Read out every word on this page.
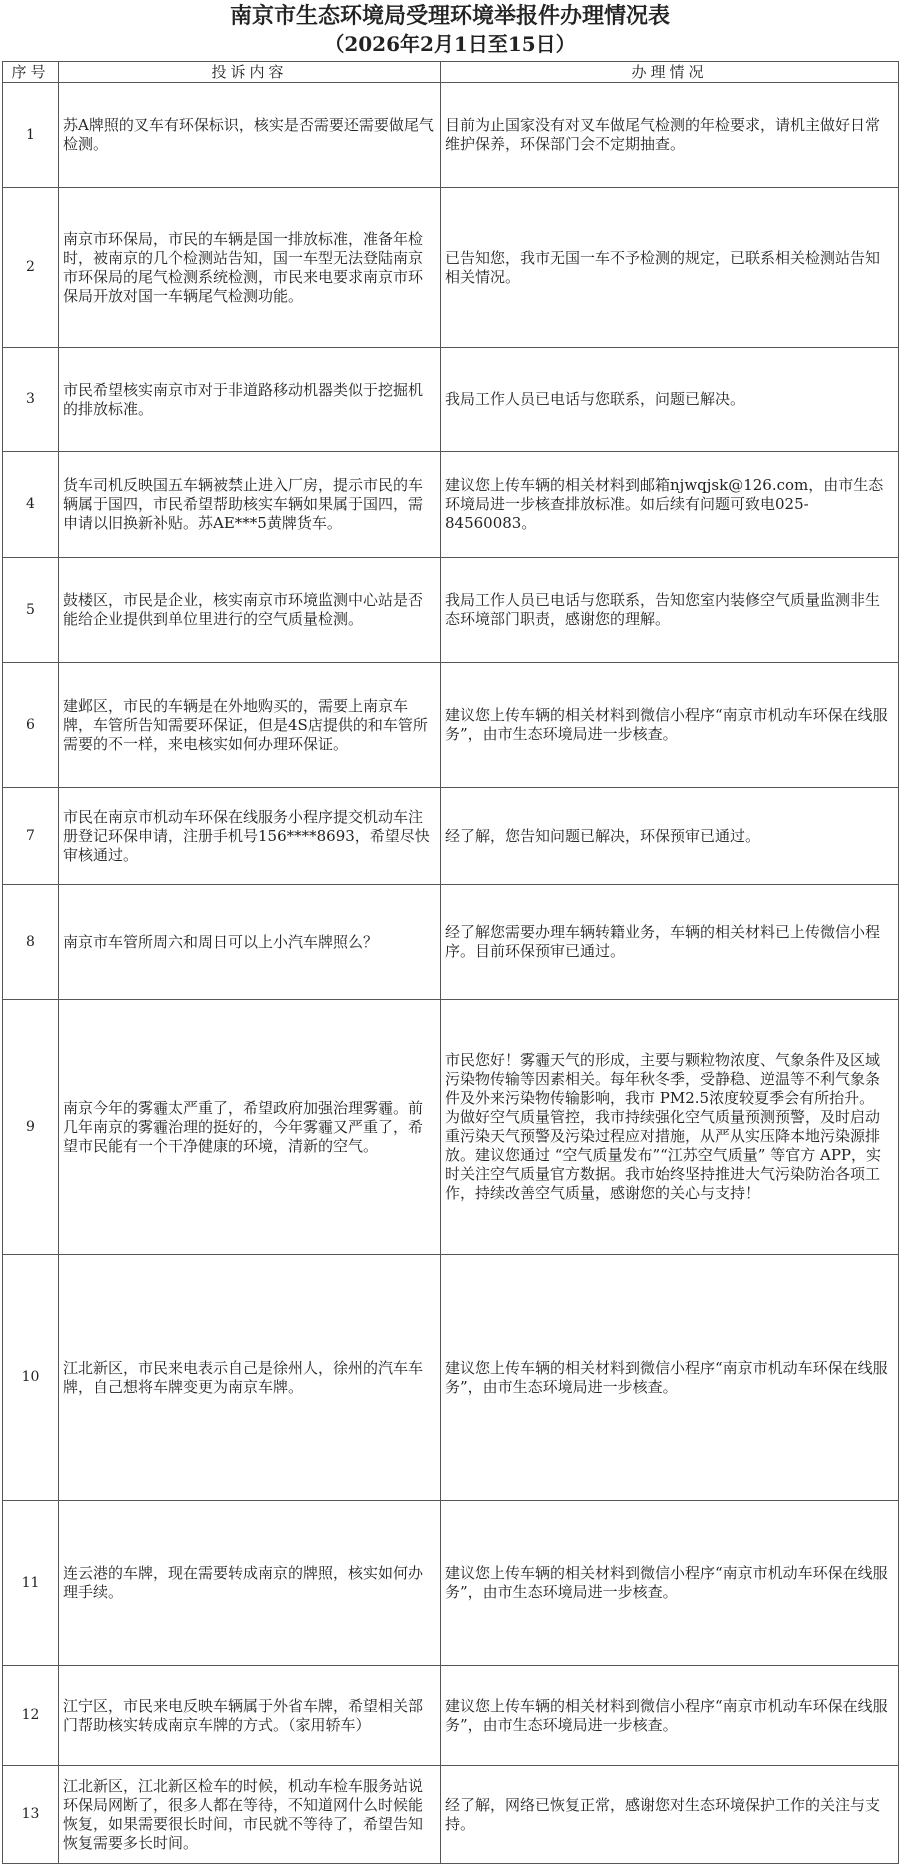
南京市生态环境局受理环境举报件办理情况表
（2026年2月1日至15日）
序号	投诉内容	办理情况
1	苏A牌照的叉车有环保标识，核实是否需要还需要做尾气检测。	目前为止国家没有对叉车做尾气检测的年检要求，请机主做好日常维护保养，环保部门会不定期抽查。
2	南京市环保局，市民的车辆是国一排放标准，准备年检时，被南京的几个检测站告知，国一车型无法登陆南京市环保局的尾气检测系统检测，市民来电要求南京市环保局开放对国一车辆尾气检测功能。	已告知您，我市无国一车不予检测的规定，已联系相关检测站告知相关情况。
3	市民希望核实南京市对于非道路移动机器类似于挖掘机的排放标准。	我局工作人员已电话与您联系，问题已解决。
4	货车司机反映国五车辆被禁止进入厂房，提示市民的车辆属于国四，市民希望帮助核实车辆如果属于国四，需申请以旧换新补贴。苏AE***5黄牌货车。	建议您上传车辆的相关材料到邮箱njwqjsk@126.com，由市生态环境局进一步核查排放标准。如后续有问题可致电025-84560083。
5	鼓楼区，市民是企业，核实南京市环境监测中心站是否能给企业提供到单位里进行的空气质量检测。	我局工作人员已电话与您联系，告知您室内装修空气质量监测非生态环境部门职责，感谢您的理解。
6	建邺区，市民的车辆是在外地购买的，需要上南京车牌，车管所告知需要环保证，但是4S店提供的和车管所需要的不一样，来电核实如何办理环保证。	建议您上传车辆的相关材料到微信小程序“南京市机动车环保在线服务”，由市生态环境局进一步核查。
7	市民在南京市机动车环保在线服务小程序提交机动车注册登记环保申请，注册手机号156****8693，希望尽快审核通过。	经了解，您告知问题已解决，环保预审已通过。
8	南京市车管所周六和周日可以上小汽车牌照么？	经了解您需要办理车辆转籍业务，车辆的相关材料已上传微信小程序。目前环保预审已通过。
9	南京今年的雾霾太严重了，希望政府加强治理雾霾。前几年南京的雾霾治理的挺好的，今年雾霾又严重了，希望市民能有一个干净健康的环境，清新的空气。	市民您好！雾霾天气的形成，主要与颗粒物浓度、气象条件及区域污染物传输等因素相关。每年秋冬季，受静稳、逆温等不利气象条件及外来污染物传输影响，我市 PM2.5浓度较夏季会有所抬升。
为做好空气质量管控，我市持续强化空气质量预测预警，及时启动重污染天气预警及污染过程应对措施，从严从实压降本地污染源排放。建议您通过 “空气质量发布”“江苏空气质量” 等官方 APP，实时关注空气质量官方数据。我市始终坚持推进大气污染防治各项工作，持续改善空气质量，感谢您的关心与支持！

10	江北新区，市民来电表示自己是徐州人，徐州的汽车车牌，自己想将车牌变更为南京车牌。	建议您上传车辆的相关材料到微信小程序“南京市机动车环保在线服务”，由市生态环境局进一步核查。
11	连云港的车牌，现在需要转成南京的牌照，核实如何办理手续。	建议您上传车辆的相关材料到微信小程序“南京市机动车环保在线服务”，由市生态环境局进一步核查。
12	江宁区，市民来电反映车辆属于外省车牌，希望相关部门帮助核实转成南京车牌的方式。（家用轿车）	建议您上传车辆的相关材料到微信小程序“南京市机动车环保在线服务”，由市生态环境局进一步核查。
13	江北新区，江北新区检车的时候，机动车检车服务站说环保局网断了，很多人都在等待，不知道网什么时候能恢复，如果需要很长时间，市民就不等待了，希望告知恢复需要多长时间。	经了解，网络已恢复正常，感谢您对生态环境保护工作的关注与支持。
